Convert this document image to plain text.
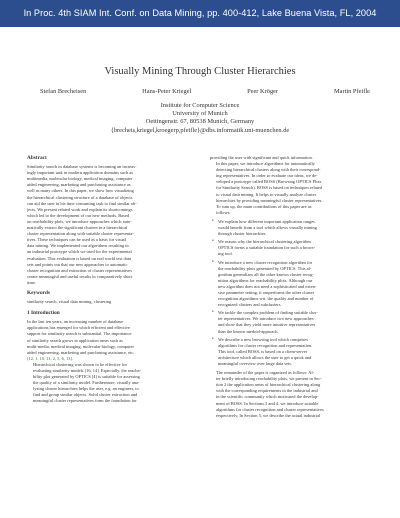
In Proc. 4th SIAM Int. Conf. on Data Mining, pp. 400-412, Lake Buena Vista, FL, 2004
Visually Mining Through Cluster Hierarchies
Stefan Brecheisen	Hans-Peter Kriegel	Peer Kröger	Martin Pfeifle
Institute for Computer Science
University of Munich
Oettingenstr. 67, 80538 Munich, Germany
{brecheis,kriegel,kroegerp,pfeifle}@dbs.informatik.uni-muenchen.de
Abstract

Similarity search in database systems is becoming an increas-
ingly important task in modern application domains such as
multimedia, molecular biology, medical imaging, computer
aided engineering, marketing and purchasing assistance as
well as many others. In this paper, we show how visualizing
the hierarchical clustering structure of a database of objects
can aid the user in his time consuming task to find similar ob-
jects. We present related work and explain its shortcomings
which led to the development of our new methods. Based
on reachability plots, we introduce approaches which auto-
matically extract the significant clusters in a hierarchical
cluster representation along with suitable cluster representa-
tives. These techniques can be used as a basis for visual
data mining. We implemented our algorithms resulting in
an industrial prototype which we used for the experimental
evaluation. This evaluation is based on real world test data
sets and points out that our new approaches to automatic
cluster recognition and extraction of cluster representatives
create meaningful and useful results in comparatively short
time.

Keywords

similarity search, visual data mining, clustering

1 Introduction

In the last ten years, an increasing number of database
applications has emerged for which efficient and effective
support for similarity search is substantial. The importance
of similarity search grows in application areas such as
multi-media, medical imaging, molecular biology, computer
aided engineering, marketing and purchasing assistance, etc.
[12, 1, 10, 11, 2, 5, 6, 13].

Hierarchical clustering was shown to be effective for
evaluating similarity models [16, 14]. Especially, the reacha-
bility plot generated by OPTICS [4] is suitable for assessing
the quality of a similarity model. Furthermore, visually ana-
lyzing cluster hierarchies helps the user, e.g. an engineer, to
find and group similar objects. Solid cluster extraction and
meaningful cluster representatives form the foundation for

providing the user with significant and quick information.

In this paper, we introduce algorithms for automatically
detecting hierarchical clusters along with their correspond-
ing representatives. In order to evaluate our ideas, we de-
veloped a prototype called BOSS (Browsing OPTICS Plots
for Similarity Search). BOSS is based on techniques related
to visual data mining. It helps to visually analyze cluster
hierarchies by providing meaningful cluster representatives.

To sum up, the main contributions of this paper are as
follows:

• We explain how different important application ranges
would benefit from a tool which allows visually mining
through cluster hierarchies.
• We reason why the hierarchical clustering algorithm
OPTICS forms a suitable foundation for such a brows-
ing tool.
• We introduce a new cluster recognition algorithm for
the reachability plots generated by OPTICS. This al-
gorithm generalizes all the other known cluster recog-
nition algorithms for reachability plots. Although our
new algorithm does not need a sophisticated and exten-
sive parameter setting, it outperforms the other cluster
recognition algorithms wrt. the quality and number of
recognized clusters and subclusters.
• We tackle the complex problem of finding suitable clus-
ter representatives. We introduce two new approaches
and show that they yield more intuitive representatives
than the known medoid-approach.
• We describe a new browsing tool which comprises
algorithms for cluster recognition and representation.
This tool, called BOSS, is based on a client-server
architecture which allows the user to get a quick and
meaningful overview over large data sets.

The remainder of the paper is organized as follows: Af-
ter briefly introducing reachability plots, we present in Sec-
tion 2 the application areas of hierarchical clustering along
with the corresponding requirements in the industrial and
in the scientific community which motivated the develop-
ment of BOSS. In Sections 3 and 4, we introduce suitable
algorithms for cluster recognition and cluster representatives
respectively. In Section 5, we describe the actual industrial
